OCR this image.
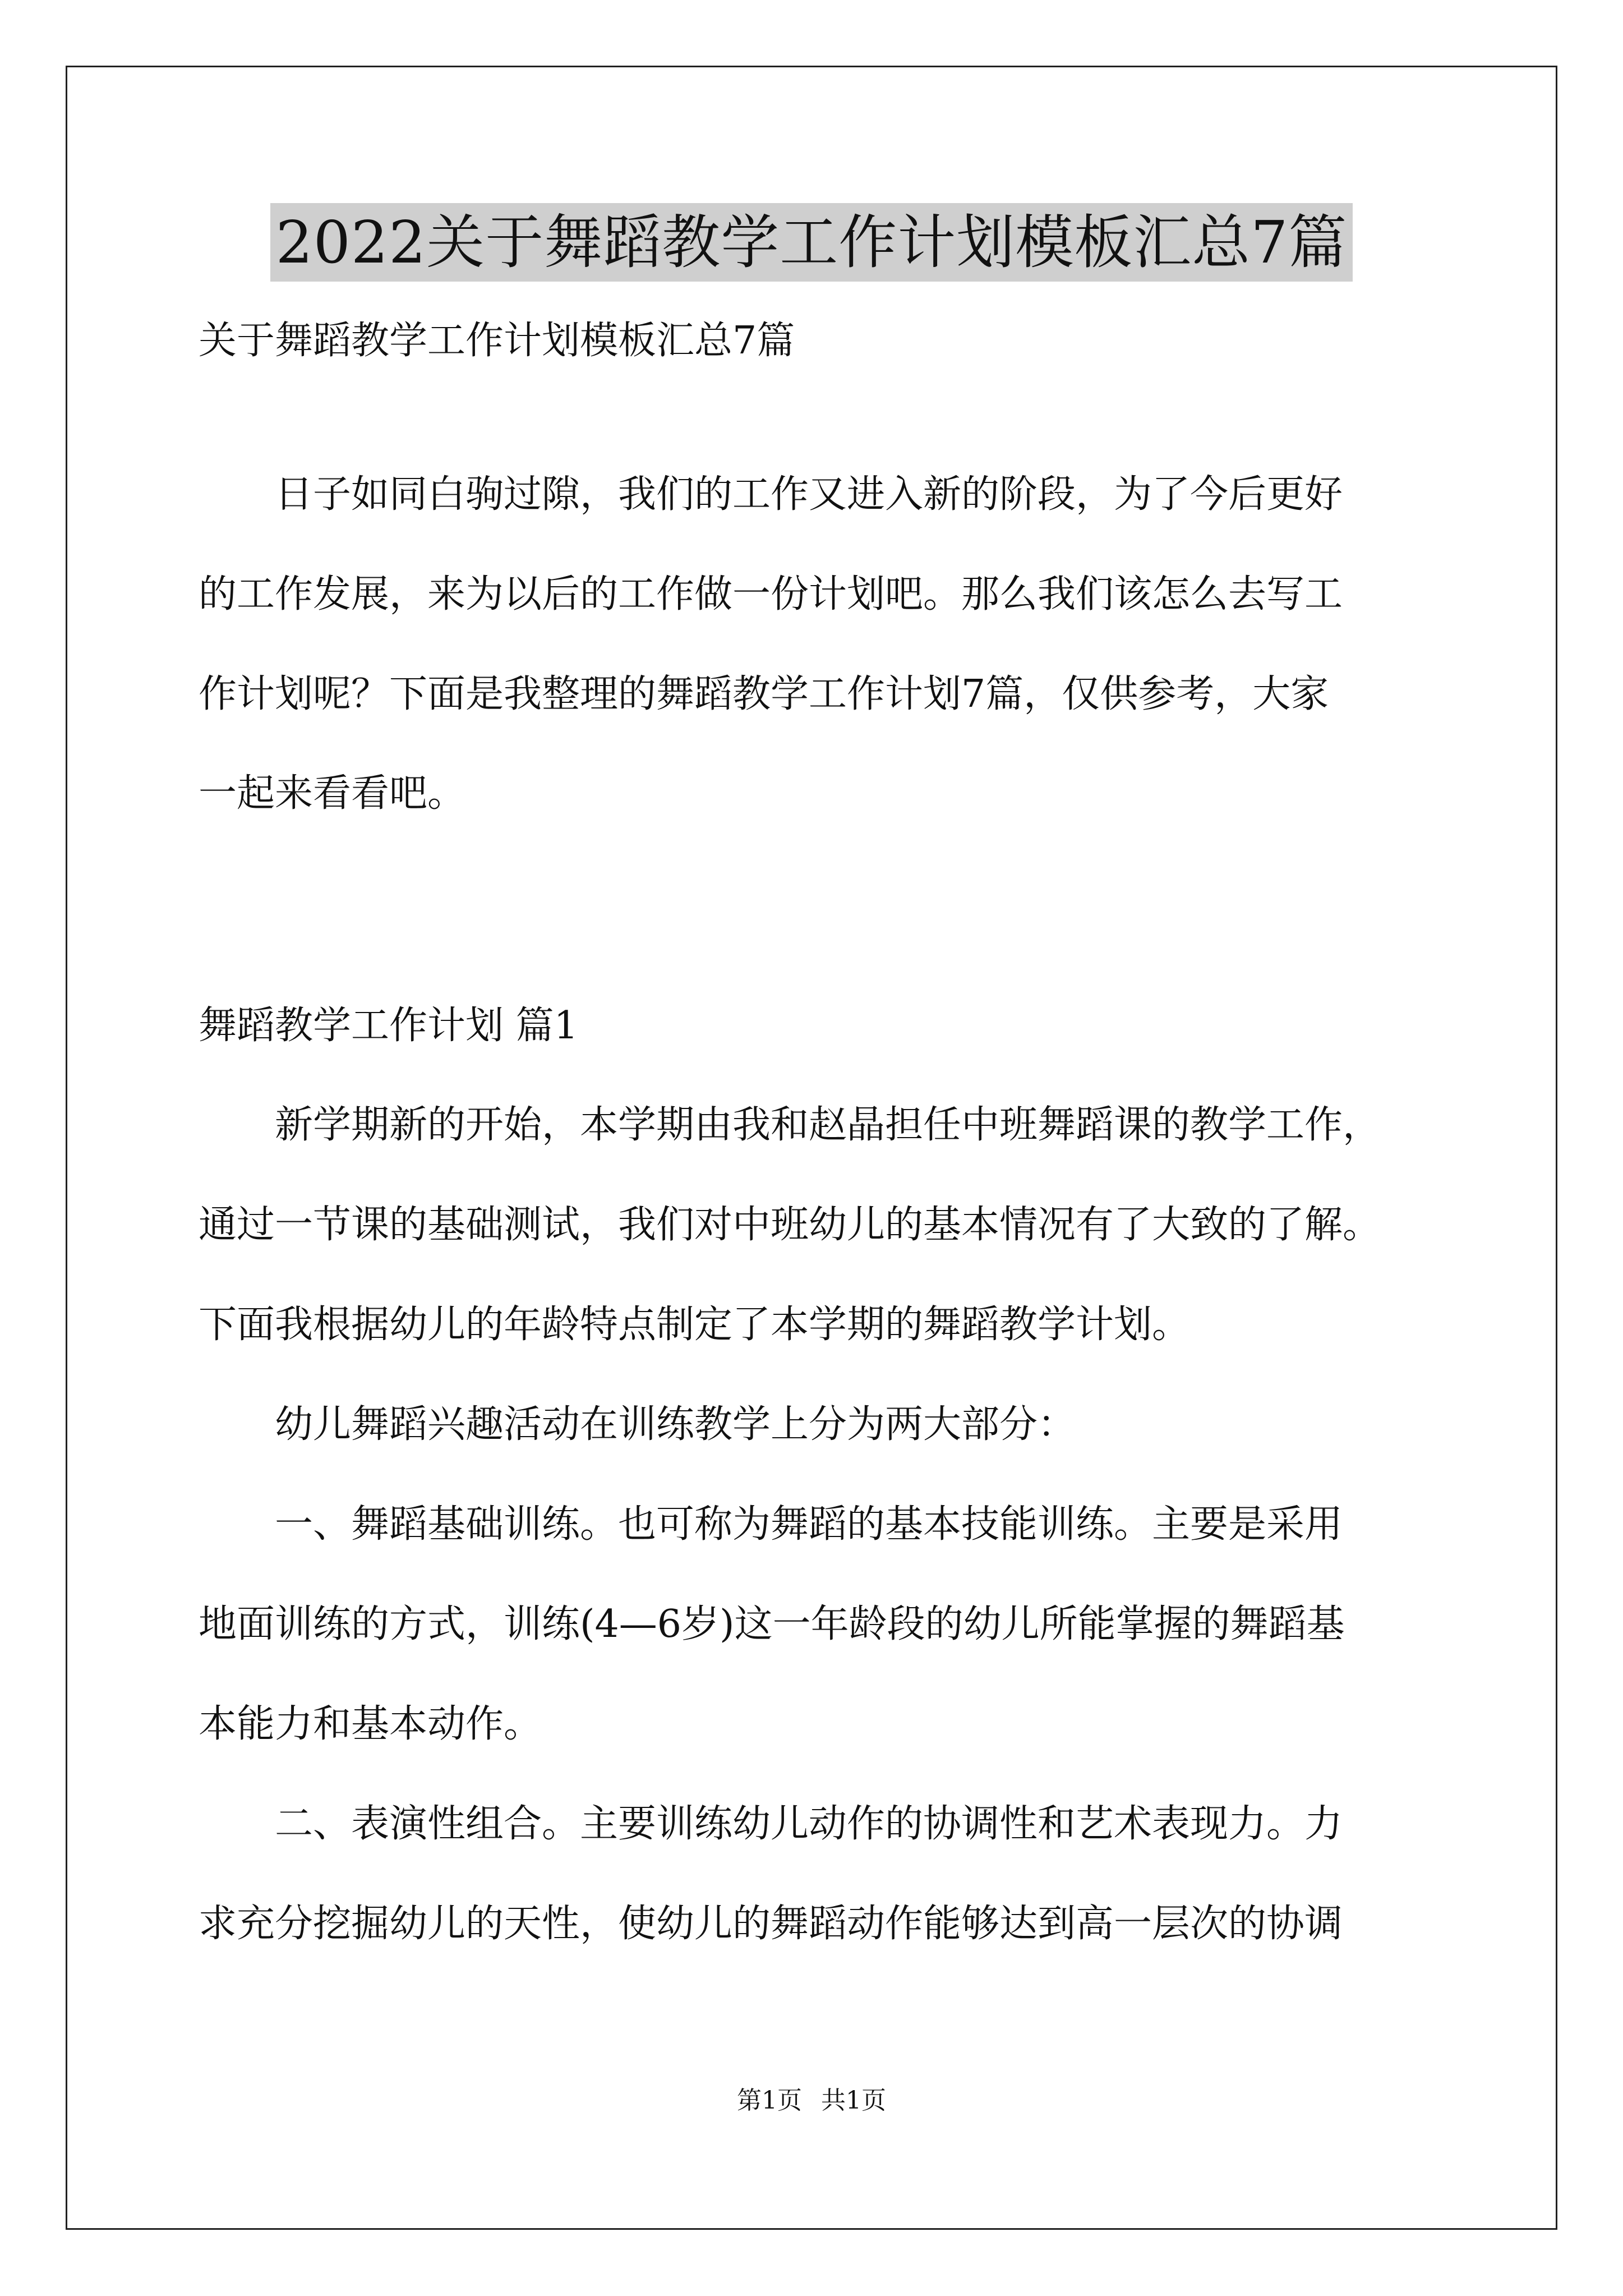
2022关于舞蹈教学工作计划模板汇总7篇
关于舞蹈教学工作计划模板汇总7篇
　　日子如同白驹过隙，我们的工作又进入新的阶段，为了今后更好
的工作发展，来为以后的工作做一份计划吧。那么我们该怎么去写工
作计划呢？下面是我整理的舞蹈教学工作计划7篇，仅供参考，大家
一起来看看吧。
舞蹈教学工作计划 篇1
　　新学期新的开始，本学期由我和赵晶担任中班舞蹈课的教学工作，
通过一节课的基础测试，我们对中班幼儿的基本情况有了大致的了解。
下面我根据幼儿的年龄特点制定了本学期的舞蹈教学计划。
　　幼儿舞蹈兴趣活动在训练教学上分为两大部分：
　　一、舞蹈基础训练。也可称为舞蹈的基本技能训练。主要是采用
地面训练的方式，训练(4—6岁)这一年龄段的幼儿所能掌握的舞蹈基
本能力和基本动作。
　　二、表演性组合。主要训练幼儿动作的协调性和艺术表现力。力
求充分挖掘幼儿的天性，使幼儿的舞蹈动作能够达到高一层次的协调
第1页 共1页
